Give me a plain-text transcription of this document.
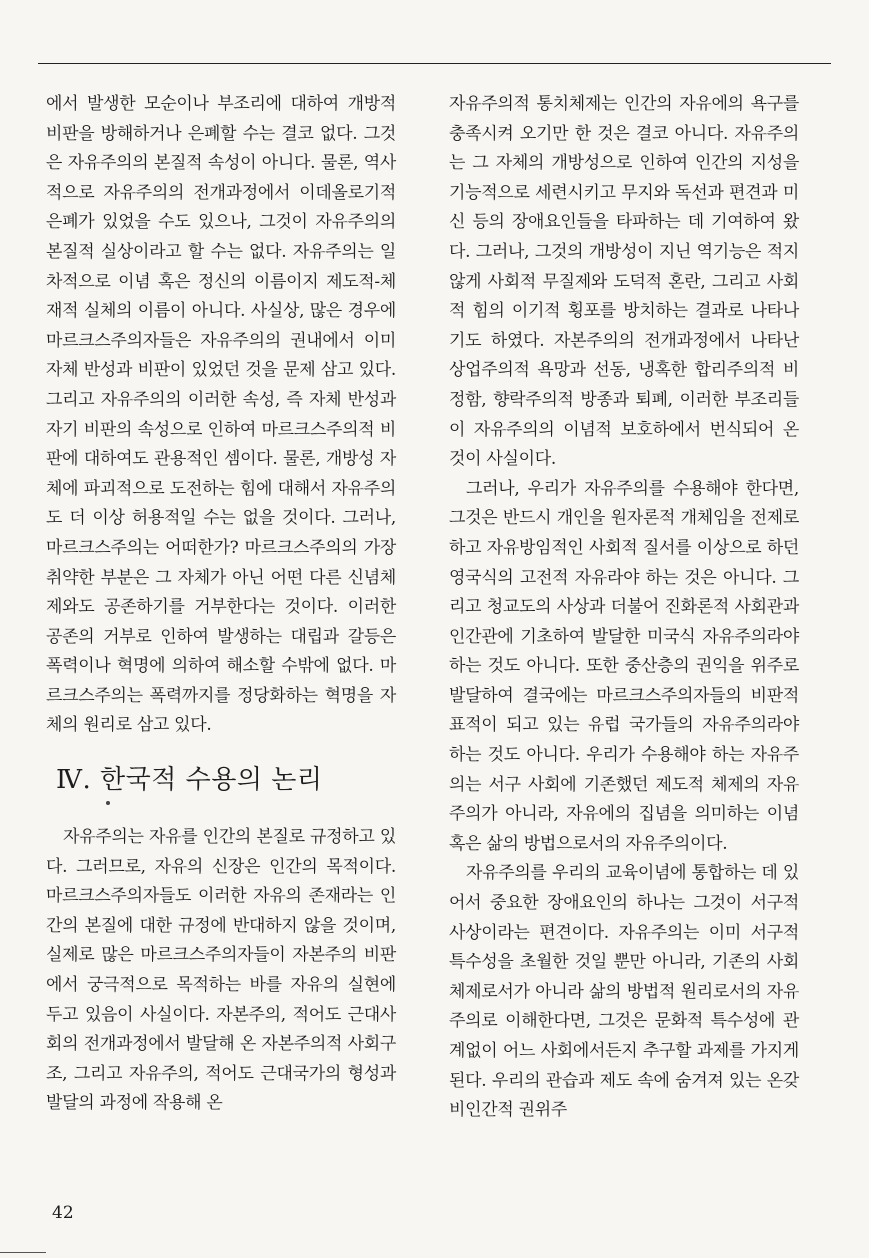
에서 발생한 모순이나 부조리에 대하여 개방적 비판을 방해하거나 은폐할 수는 결코 없다. 그것은 자유주의의 본질적 속성이 아니다. 물론, 역사적으로 자유주의의 전개과정에서 이데올로기적 은폐가 있었을 수도 있으나, 그것이 자유주의의 본질적 실상이라고 할 수는 없다. 자유주의는 일차적으로 이념 혹은 정신의 이름이지 제도적-체재적 실체의 이름이 아니다. 사실상, 많은 경우에 마르크스주의자들은 자유주의의 권내에서 이미 자체 반성과 비판이 있었던 것을 문제 삼고 있다. 그리고 자유주의의 이러한 속성, 즉 자체 반성과 자기 비판의 속성으로 인하여 마르크스주의적 비판에 대하여도 관용적인 셈이다. 물론, 개방성 자체에 파괴적으로 도전하는 힘에 대해서 자유주의도 더 이상 허용적일 수는 없을 것이다. 그러나, 마르크스주의는 어떠한가? 마르크스주의의 가장 취약한 부분은 그 자체가 아닌 어떤 다른 신념체제와도 공존하기를 거부한다는 것이다. 이러한 공존의 거부로 인하여 발생하는 대립과 갈등은 폭력이나 혁명에 의하여 해소할 수밖에 없다. 마르크스주의는 폭력까지를 정당화하는 혁명을 자체의 원리로 삼고 있다.

Ⅳ. 한국적 수용의 논리

자유주의는 자유를 인간의 본질로 규정하고 있다. 그러므로, 자유의 신장은 인간의 목적이다. 마르크스주의자들도 이러한 자유의 존재라는 인간의 본질에 대한 규정에 반대하지 않을 것이며, 실제로 많은 마르크스주의자들이 자본주의 비판에서 궁극적으로 목적하는 바를 자유의 실현에 두고 있음이 사실이다. 자본주의, 적어도 근대사회의 전개과정에서 발달해 온 자본주의적 사회구조, 그리고 자유주의, 적어도 근대국가의 형성과 발달의 과정에 작용해 온

자유주의적 통치체제는 인간의 자유에의 욕구를 충족시켜 오기만 한 것은 결코 아니다. 자유주의는 그 자체의 개방성으로 인하여 인간의 지성을 기능적으로 세련시키고 무지와 독선과 편견과 미신 등의 장애요인들을 타파하는 데 기여하여 왔다. 그러나, 그것의 개방성이 지닌 역기능은 적지 않게 사회적 무질제와 도덕적 혼란, 그리고 사회적 힘의 이기적 횡포를 방치하는 결과로 나타나기도 하였다. 자본주의의 전개과정에서 나타난 상업주의적 욕망과 선동, 냉혹한 합리주의적 비정함, 향락주의적 방종과 퇴폐, 이러한 부조리들이 자유주의의 이념적 보호하에서 번식되어 온 것이 사실이다.

그러나, 우리가 자유주의를 수용해야 한다면, 그것은 반드시 개인을 원자론적 개체임을 전제로 하고 자유방임적인 사회적 질서를 이상으로 하던 영국식의 고전적 자유라야 하는 것은 아니다. 그리고 청교도의 사상과 더불어 진화론적 사회관과 인간관에 기초하여 발달한 미국식 자유주의라야 하는 것도 아니다. 또한 중산층의 권익을 위주로 발달하여 결국에는 마르크스주의자들의 비판적 표적이 되고 있는 유럽 국가들의 자유주의라야 하는 것도 아니다. 우리가 수용해야 하는 자유주의는 서구 사회에 기존했던 제도적 체제의 자유주의가 아니라, 자유에의 집념을 의미하는 이념 혹은 삶의 방법으로서의 자유주의이다.

자유주의를 우리의 교육이념에 통합하는 데 있어서 중요한 장애요인의 하나는 그것이 서구적 사상이라는 편견이다. 자유주의는 이미 서구적 특수성을 초월한 것일 뿐만 아니라, 기존의 사회체제로서가 아니라 삶의 방법적 원리로서의 자유주의로 이해한다면, 그것은 문화적 특수성에 관계없이 어느 사회에서든지 추구할 과제를 가지게 된다. 우리의 관습과 제도 속에 숨겨져 있는 온갖 비인간적 권위주

42
